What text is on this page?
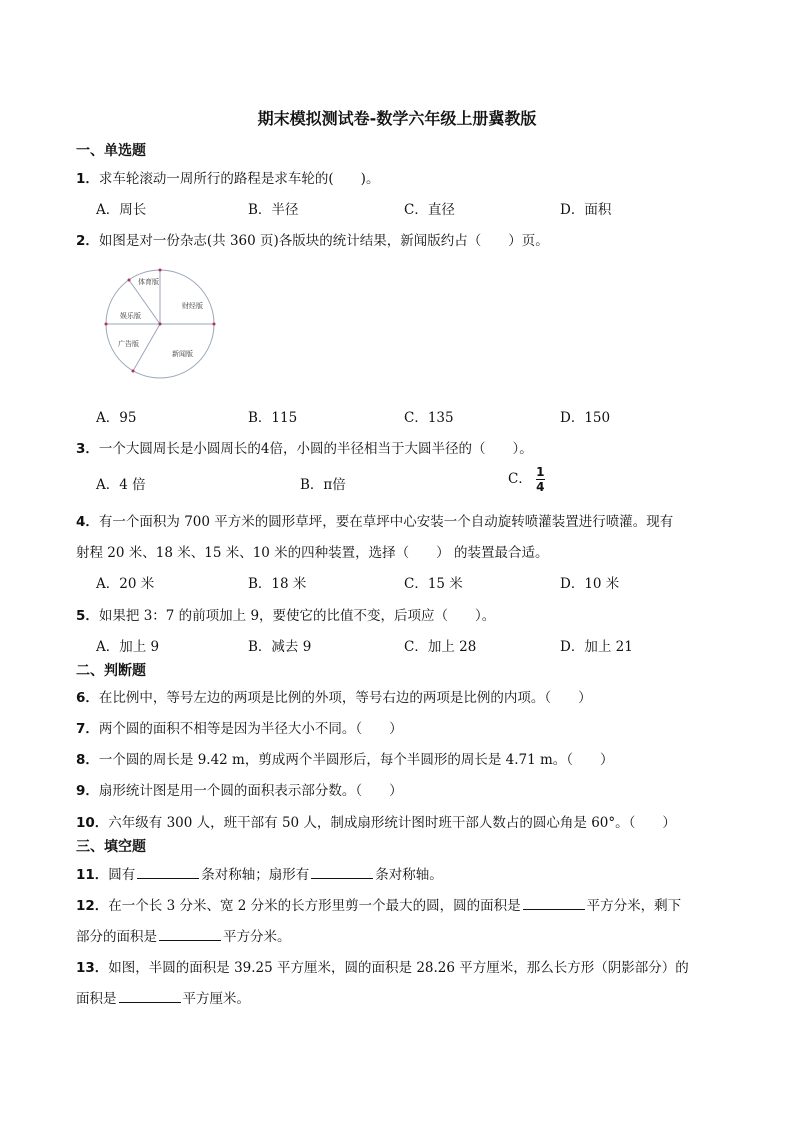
期末模拟测试卷-数学六年级上册冀教版
一、单选题
1．求车轮滚动一周所行的路程是求车轮的(　　)。
A．周长	B．半径	C．直径	D．面积
2．如图是对一份杂志(共 360 页)各版块的统计结果，新闻版约占（　　）页。
体育版
财经版
娱乐版
广告版
新闻版
A．95	B．115	C．135	D．150
3．一个大圆周长是小圆周长的4倍，小圆的半径相当于大圆半径的（　　）。
A．4 倍	B．π倍	C． $\frac{1}{4}$
4．有一个面积为 700 平方米的圆形草坪，要在草坪中心安装一个自动旋转喷灌装置进行喷灌。现有
射程 20 米、18 米、15 米、10 米的四种装置，选择（　　） 的装置最合适。
A．20 米	B．18 米	C．15 米	D．10 米
5．如果把 3：7 的前项加上 9，要使它的比值不变，后项应（　　）。
A．加上 9	B．减去 9	C．加上 28	D．加上 21
二、判断题
6．在比例中，等号左边的两项是比例的外项，等号右边的两项是比例的内项。（　　）
7．两个圆的面积不相等是因为半径大小不同。（　　）
8．一个圆的周长是 9.42 m，剪成两个半圆形后，每个半圆形的周长是 4.71 m。（　　）
9．扇形统计图是用一个圆的面积表示部分数。（　　）
10．六年级有 300 人，班干部有 50 人，制成扇形统计图时班干部人数占的圆心角是 60°。（　　）
三、填空题
11．圆有	条对称轴；扇形有	条对称轴。
12．在一个长 3 分米、宽 2 分米的长方形里剪一个最大的圆，圆的面积是	平方分米，剩下
部分的面积是	平方分米。
13．如图，半圆的面积是 39.25 平方厘米，圆的面积是 28.26 平方厘米，那么长方形（阴影部分）的
面积是	平方厘米。
